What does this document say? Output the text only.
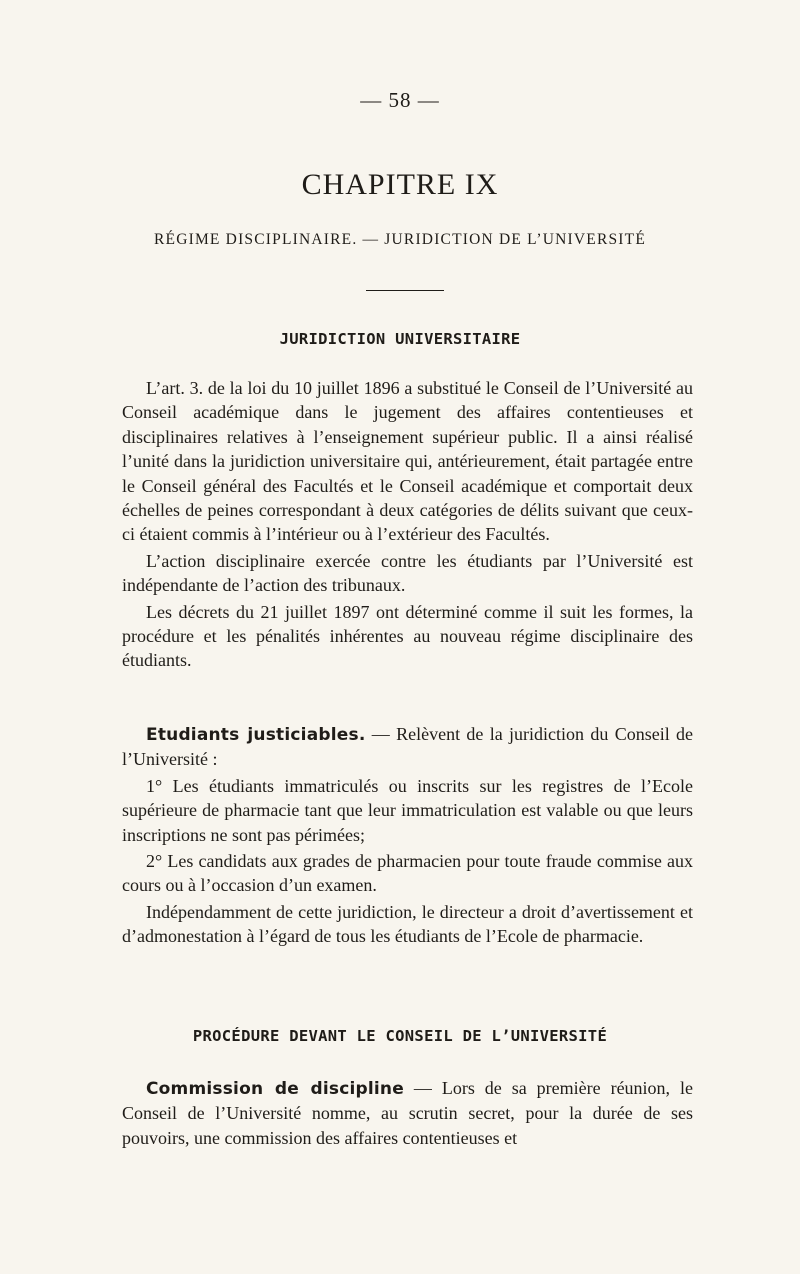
— 58 —
CHAPITRE IX
RÉGIME DISCIPLINAIRE. — JURIDICTION DE L’UNIVERSITÉ
JURIDICTION UNIVERSITAIRE

L’art. 3. de la loi du 10 juillet 1896 a substitué le Conseil de l’Université au Conseil académique dans le jugement des affaires contentieuses et disciplinaires relatives à l’enseignement supérieur public. Il a ainsi réalisé l’unité dans la juridiction universitaire qui, antérieurement, était partagée entre le Conseil général des Facultés et le Conseil académique et comportait deux échelles de peines correspondant à deux catégories de délits suivant que ceux-ci étaient commis à l’intérieur ou à l’extérieur des Facultés.

L’action disciplinaire exercée contre les étudiants par l’Université est indépendante de l’action des tribunaux.

Les décrets du 21 juillet 1897 ont déterminé comme il suit les formes, la procédure et les pénalités inhérentes au nouveau régime disciplinaire des étudiants.

Etudiants justiciables. — Relèvent de la juridiction du Conseil de l’Université :

1° Les étudiants immatriculés ou inscrits sur les registres de l’Ecole supérieure de pharmacie tant que leur immatriculation est valable ou que leurs inscriptions ne sont pas périmées;

2° Les candidats aux grades de pharmacien pour toute fraude commise aux cours ou à l’occasion d’un examen.

Indépendamment de cette juridiction, le directeur a droit d’avertissement et d’admonestation à l’égard de tous les étudiants de l’Ecole de pharmacie.

PROCÉDURE DEVANT LE CONSEIL DE L’UNIVERSITÉ

Commission de discipline — Lors de sa première réunion, le Conseil de l’Université nomme, au scrutin secret, pour la durée de ses pouvoirs, une commission des affaires contentieuses et
